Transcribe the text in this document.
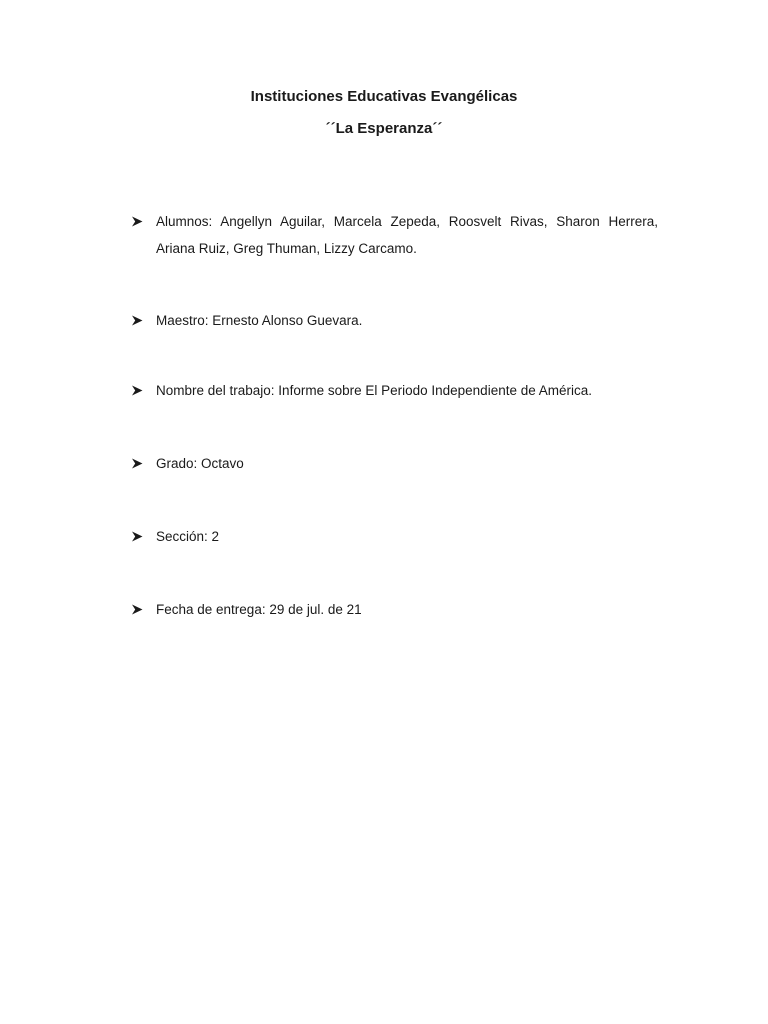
Instituciones Educativas Evangélicas
´´La Esperanza´´
Alumnos: Angellyn Aguilar, Marcela Zepeda, Roosvelt Rivas, Sharon Herrera, Ariana Ruiz, Greg Thuman, Lizzy Carcamo.
Maestro: Ernesto Alonso Guevara.
Nombre del trabajo: Informe sobre El Periodo Independiente de América.
Grado: Octavo
Sección: 2
Fecha de entrega: 29 de jul. de 21
